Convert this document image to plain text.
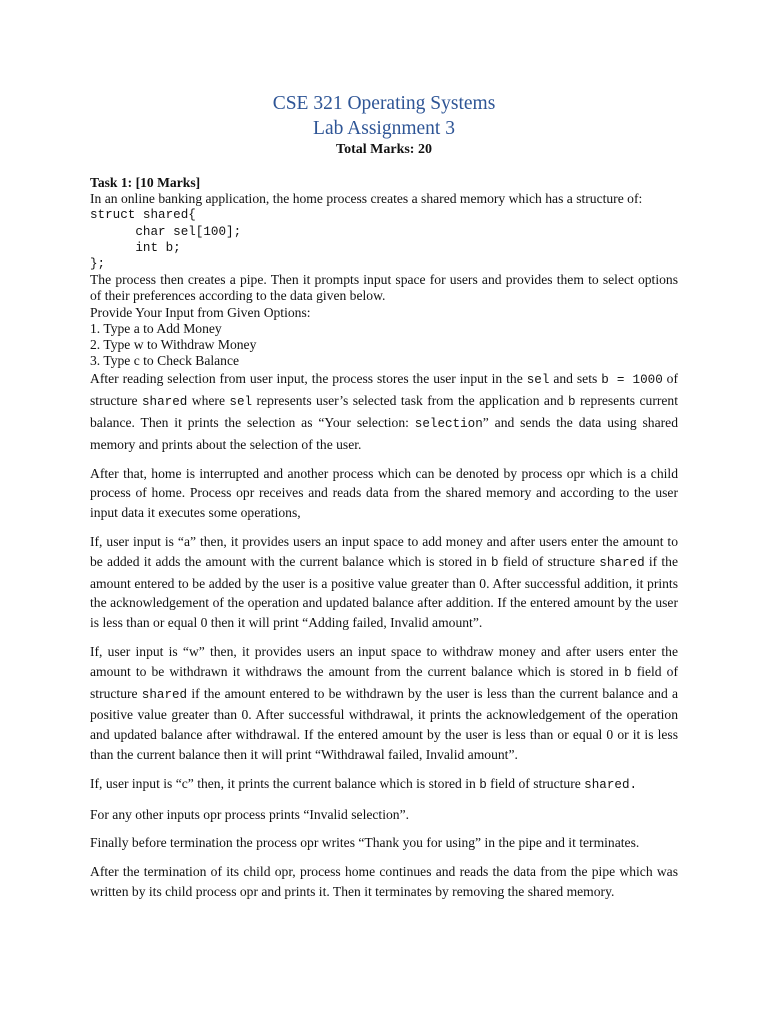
CSE 321 Operating Systems
Lab Assignment 3
Total Marks: 20
Task 1: [10 Marks]

In an online banking application, the home process creates a shared memory which has a structure of:

struct shared{
char sel[100];
int b;
};

The process then creates a pipe. Then it prompts input space for users and provides them to select options of their preferences according to the data given below.

Provide Your Input from Given Options:

1. Type a to Add Money

2. Type w to Withdraw Money

3. Type c to Check Balance

After reading selection from user input, the process stores the user input in the sel and sets b = 1000 of structure shared where sel represents user’s selected task from the application and b represents current balance. Then it prints the selection as “Your selection: selection” and sends the data using shared memory and prints about the selection of the user.

After that, home is interrupted and another process which can be denoted by process opr which is a child process of home. Process opr receives and reads data from the shared memory and according to the user input data it executes some operations,

If, user input is “a” then, it provides users an input space to add money and after users enter the amount to be added it adds the amount with the current balance which is stored in b field of structure shared if the amount entered to be added by the user is a positive value greater than 0. After successful addition, it prints the acknowledgement of the operation and updated balance after addition. If the entered amount by the user is less than or equal 0 then it will print “Adding failed, Invalid amount”.

If, user input is “w” then, it provides users an input space to withdraw money and after users enter the amount to be withdrawn it withdraws the amount from the current balance which is stored in b field of structure shared if the amount entered to be withdrawn by the user is less than the current balance and a positive value greater than 0. After successful withdrawal, it prints the acknowledgement of the operation and updated balance after withdrawal. If the entered amount by the user is less than or equal 0 or it is less than the current balance then it will print “Withdrawal failed, Invalid amount”.

If, user input is “c” then, it prints the current balance which is stored in b field of structure shared.

For any other inputs opr process prints “Invalid selection”.

Finally before termination the process opr writes “Thank you for using” in the pipe and it terminates.

After the termination of its child opr, process home continues and reads the data from the pipe which was written by its child process opr and prints it. Then it terminates by removing the shared memory.
